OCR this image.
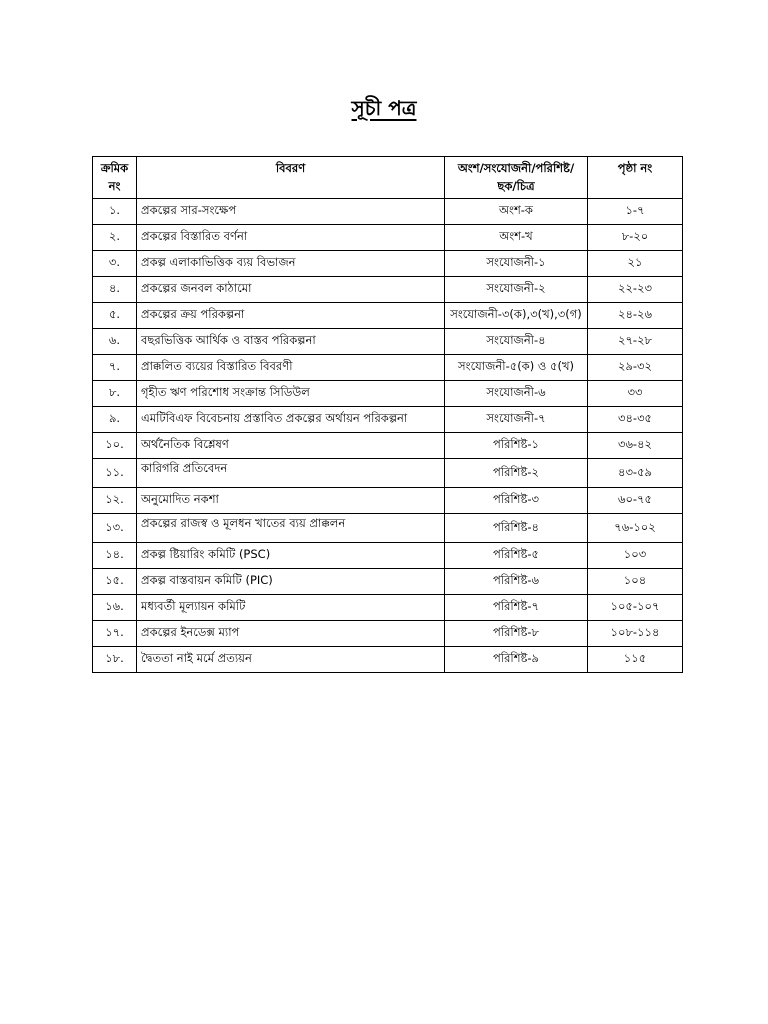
সূচী পত্র
ক্রমিক নং	বিবরণ	অংশ/সংযোজনী/পরিশিষ্ট/ ছক/চিত্র	পৃষ্ঠা নং
১.	প্রকল্পের সার-সংক্ষেপ	অংশ-ক	১-৭
২.	প্রকল্পের বিস্তারিত বর্ণনা	অংশ-খ	৮-২০
৩.	প্রকল্প এলাকাভিত্তিক ব্যয় বিভাজন	সংযোজনী-১	২১
৪.	প্রকল্পের জনবল কাঠামো	সংযোজনী-২	২২-২৩
৫.	প্রকল্পের ক্রয় পরিকল্পনা	সংযোজনী-৩(ক),৩(খ),৩(গ)	২৪-২৬
৬.	বছরভিত্তিক আর্থিক ও বাস্তব পরিকল্পনা	সংযোজনী-৪	২৭-২৮
৭.	প্রাক্কলিত ব্যয়ের বিস্তারিত বিবরণী	সংযোজনী-৫(ক) ও ৫(খ)	২৯-৩২
৮.	গৃহীত ঋণ পরিশোধ সংক্রান্ত সিডিউল	সংযোজনী-৬	৩৩
৯.	এমটিবিএফ বিবেচনায় প্রস্তাবিত প্রকল্পের অর্থায়ন পরিকল্পনা	সংযোজনী-৭	৩৪-৩৫
১০.	অর্থনৈতিক বিশ্লেষণ	পরিশিষ্ট-১	৩৬-৪২
১১.	কারিগরি প্রতিবেদন	পরিশিষ্ট-২	৪৩-৫৯
১২.	অনুমোদিত নকশা	পরিশিষ্ট-৩	৬০-৭৫
১৩.	প্রকল্পের রাজস্ব ও মূলধন খাতের ব্যয় প্রাক্কলন	পরিশিষ্ট-৪	৭৬-১০২
১৪.	প্রকল্প ষ্টিয়ারিং কমিটি (PSC)	পরিশিষ্ট-৫	১০৩
১৫.	প্রকল্প বাস্তবায়ন কমিটি (PIC)	পরিশিষ্ট-৬	১০৪
১৬.	মধ্যবর্তী মূল্যায়ন কমিটি	পরিশিষ্ট-৭	১০৫-১০৭
১৭.	প্রকল্পের ইনডেক্স ম্যাপ	পরিশিষ্ট-৮	১০৮-১১৪
১৮.	দ্বৈততা নাই মর্মে প্রত্যয়ন	পরিশিষ্ট-৯	১১৫
